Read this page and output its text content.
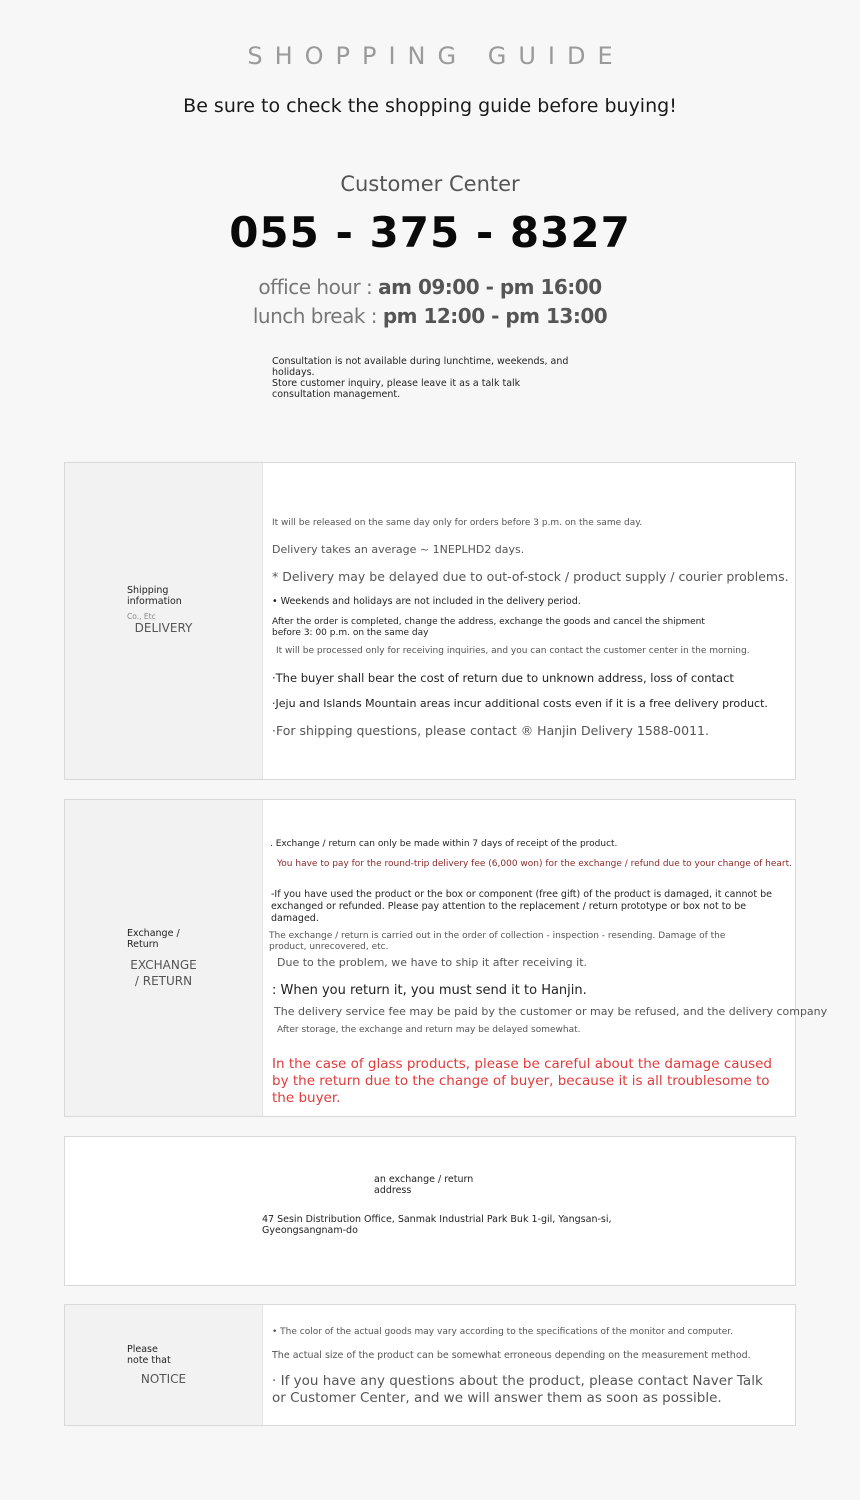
SHOPPING GUIDE
Be sure to check the shopping guide before buying!
Customer Center
055 - 375 - 8327
office hour : am 09:00 - pm 16:00
lunch break : pm 12:00 - pm 13:00
Consultation is not available during lunchtime, weekends, and holidays.
Store customer inquiry, please leave it as a talk talk consultation management.
Shipping information
Co., Etc
DELIVERY
It will be released on the same day only for orders before 3 p.m. on the same day.
Delivery takes an average ~ 1NEPLHD2 days.
* Delivery may be delayed due to out-of-stock / product supply / courier problems.
• Weekends and holidays are not included in the delivery period.
After the order is completed, change the address, exchange the goods and cancel the shipment before 3: 00 p.m. on the same day
It will be processed only for receiving inquiries, and you can contact the customer center in the morning.
·The buyer shall bear the cost of return due to unknown address, loss of contact
·Jeju and Islands Mountain areas incur additional costs even if it is a free delivery product.
·For shipping questions, please contact ® Hanjin Delivery 1588-0011.
Exchange / Return
EXCHANGE
/ RETURN
. Exchange / return can only be made within 7 days of receipt of the product.
You have to pay for the round-trip delivery fee (6,000 won) for the exchange / refund due to your change of heart.
-If you have used the product or the box or component (free gift) of the product is damaged, it cannot be exchanged or refunded. Please pay attention to the replacement / return prototype or box not to be damaged.
The exchange / return is carried out in the order of collection - inspection - resending. Damage of the product, unrecovered, etc.
Due to the problem, we have to ship it after receiving it.
: When you return it, you must send it to Hanjin.
The delivery service fee may be paid by the customer or may be refused, and the delivery company
After storage, the exchange and return may be delayed somewhat.
In the case of glass products, please be careful about the damage caused by the return due to the change of buyer, because it is all troublesome to the buyer.
an exchange / return address
47 Sesin Distribution Office, Sanmak Industrial Park Buk 1-gil, Yangsan-si, Gyeongsangnam-do
Please note that
NOTICE
• The color of the actual goods may vary according to the specifications of the monitor and computer.
The actual size of the product can be somewhat erroneous depending on the measurement method.
· If you have any questions about the product, please contact Naver Talk or Customer Center, and we will answer them as soon as possible.
